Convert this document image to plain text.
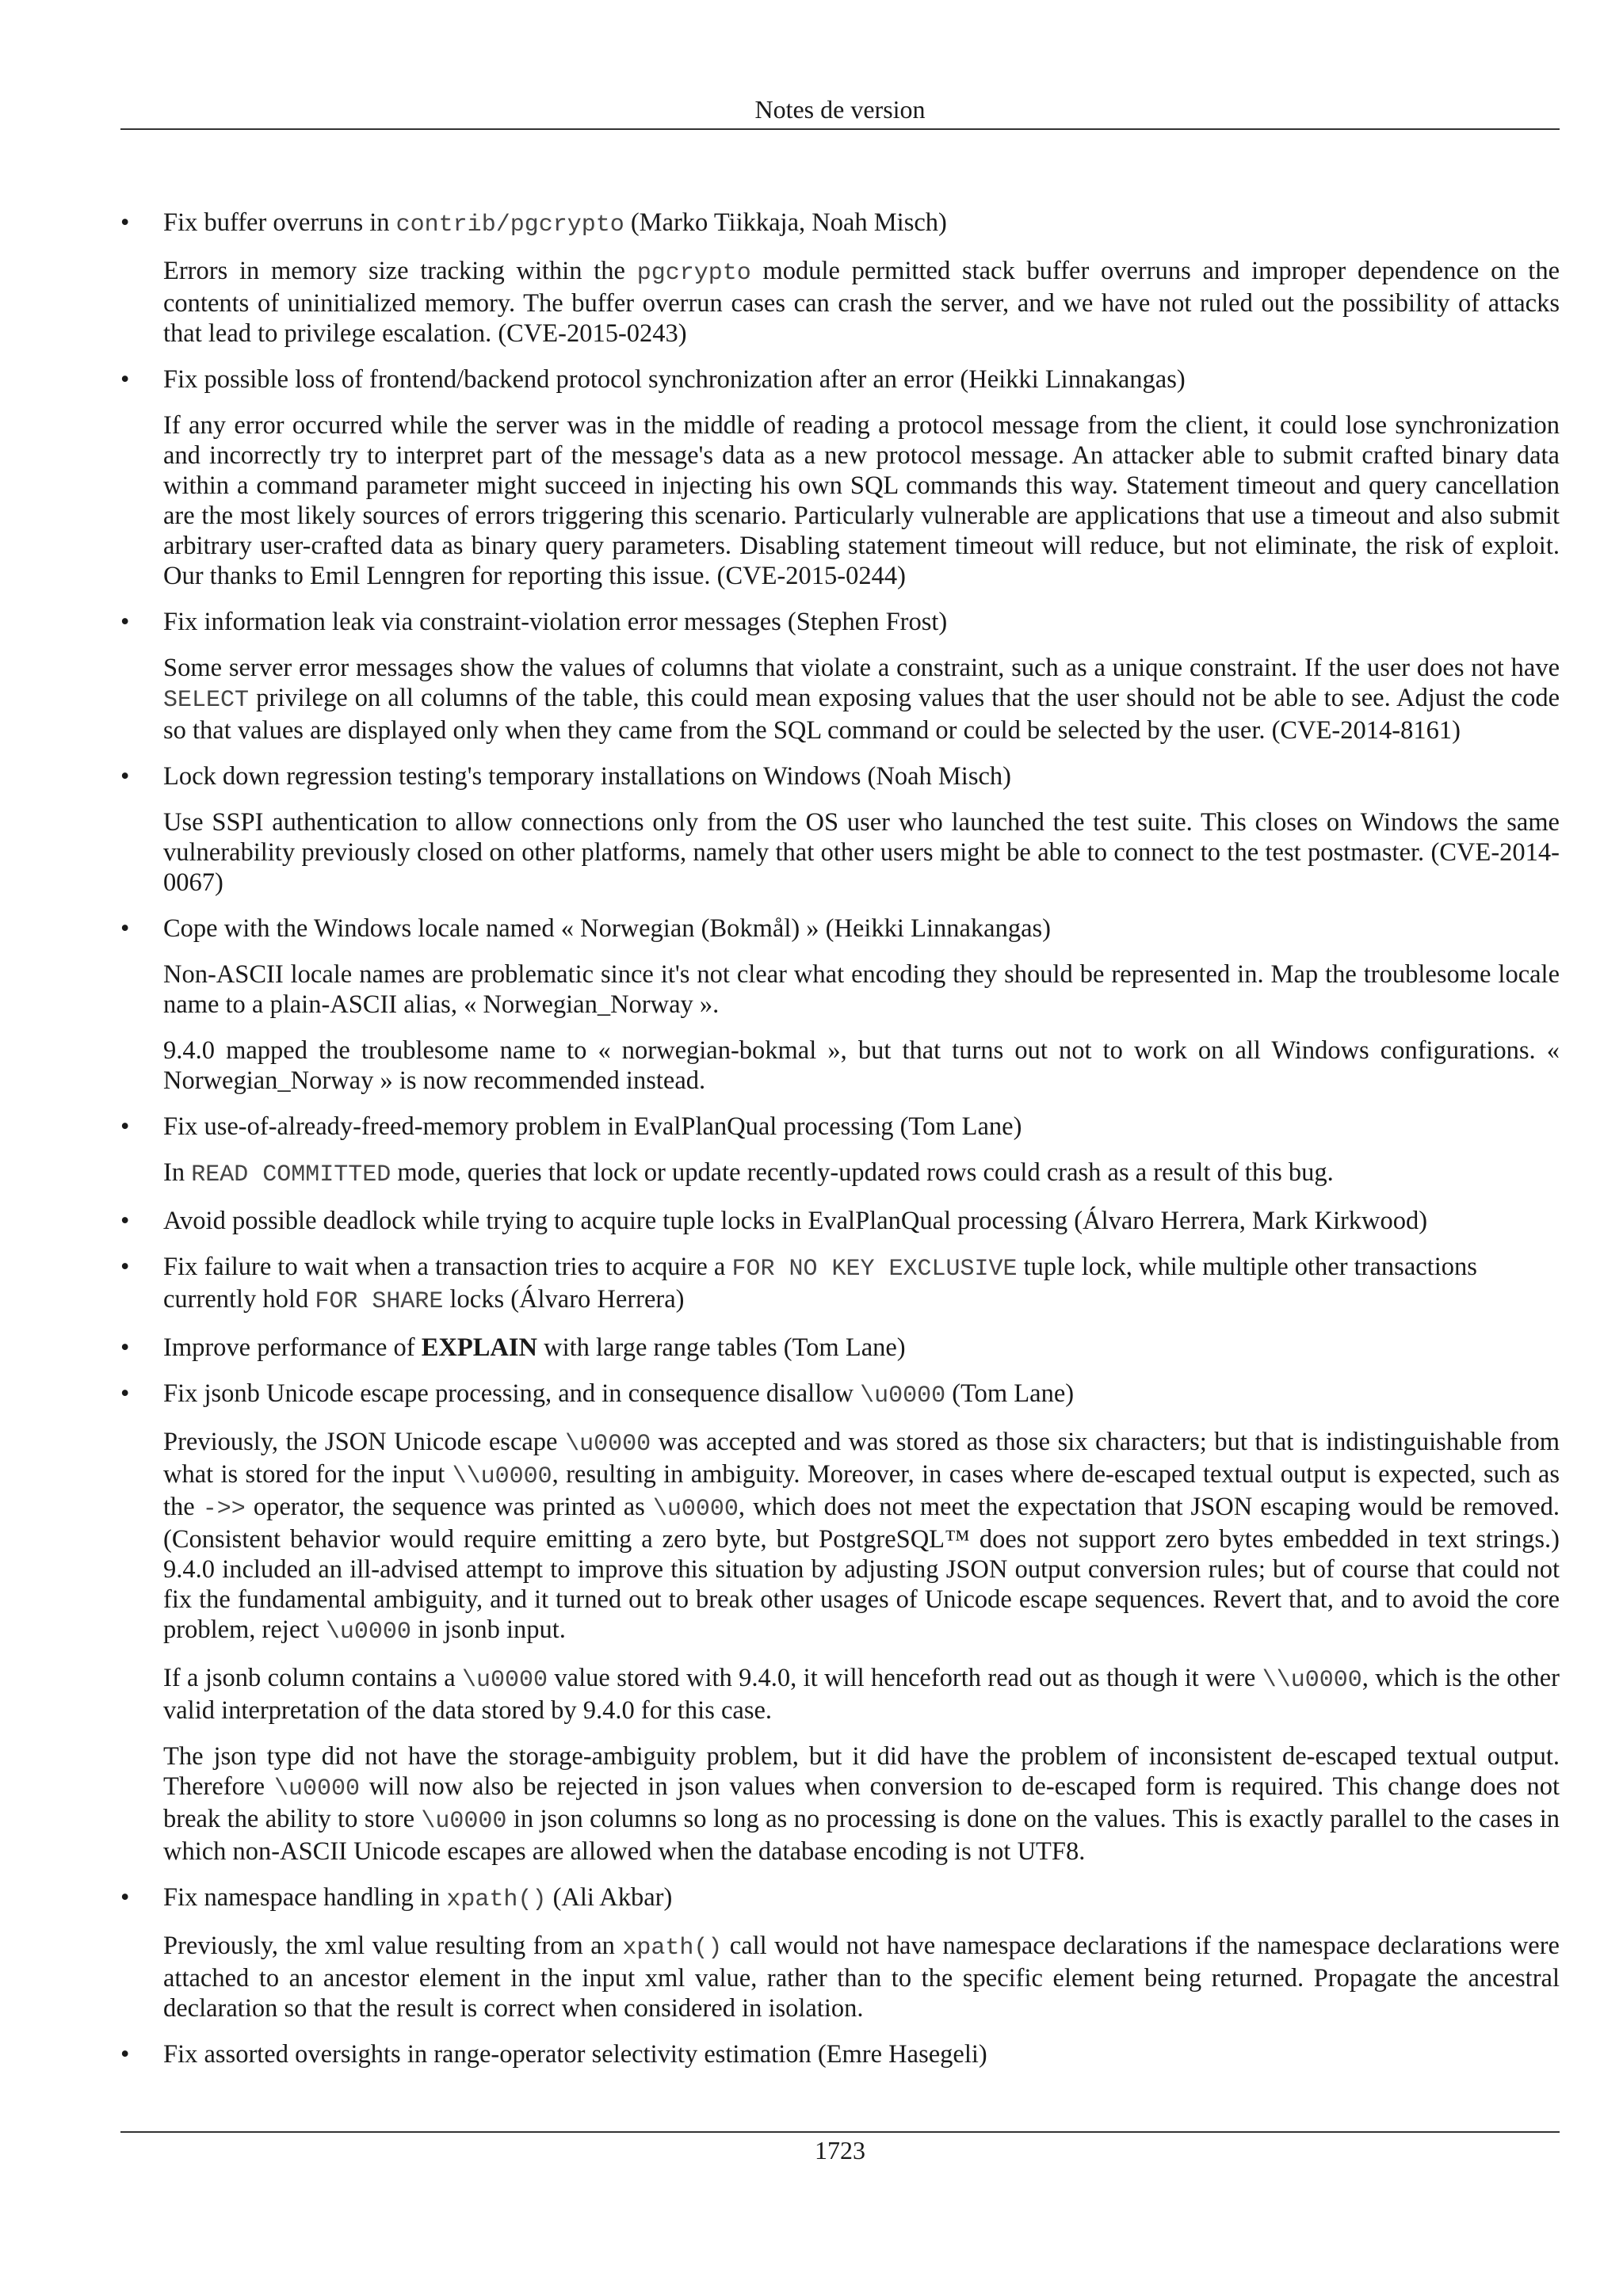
Notes de version
•	Fix buffer overruns in contrib/pgcrypto (Marko Tiikkaja, Noah Misch)

Errors in memory size tracking within the pgcrypto module permitted stack buffer overruns and improper dependence on the contents of uninitialized memory. The buffer overrun cases can crash the server, and we have not ruled out the possibility of attacks that lead to privilege escalation. (CVE-2015-0243)

•	Fix possible loss of frontend/backend protocol synchronization after an error (Heikki Linnakangas)

If any error occurred while the server was in the middle of reading a protocol message from the client, it could lose synchronization and incorrectly try to interpret part of the message's data as a new protocol message. An attacker able to submit crafted binary data within a command parameter might succeed in injecting his own SQL commands this way. Statement timeout and query cancellation are the most likely sources of errors triggering this scenario. Particularly vulnerable are applications that use a timeout and also submit arbitrary user-crafted data as binary query parameters. Disabling statement timeout will reduce, but not eliminate, the risk of exploit. Our thanks to Emil Lenngren for reporting this issue. (CVE-2015-0244)

•	Fix information leak via constraint-violation error messages (Stephen Frost)

Some server error messages show the values of columns that violate a constraint, such as a unique constraint. If the user does not have SELECT privilege on all columns of the table, this could mean exposing values that the user should not be able to see. Adjust the code so that values are displayed only when they came from the SQL command or could be selected by the user. (CVE-2014-8161)

•	Lock down regression testing's temporary installations on Windows (Noah Misch)

Use SSPI authentication to allow connections only from the OS user who launched the test suite. This closes on Windows the same vulnerability previously closed on other platforms, namely that other users might be able to connect to the test postmaster. (CVE-2014-0067)

•	Cope with the Windows locale named « Norwegian (Bokmål) » (Heikki Linnakangas)

Non-ASCII locale names are problematic since it's not clear what encoding they should be represented in. Map the troublesome locale name to a plain-ASCII alias, « Norwegian_Norway ».

9.4.0 mapped the troublesome name to « norwegian-bokmal », but that turns out not to work on all Windows configurations. « Norwegian_Norway » is now recommended instead.

•	Fix use-of-already-freed-memory problem in EvalPlanQual processing (Tom Lane)

In READ COMMITTED mode, queries that lock or update recently-updated rows could crash as a result of this bug.

•	Avoid possible deadlock while trying to acquire tuple locks in EvalPlanQual processing (Álvaro Herrera, Mark Kirkwood)
•	Fix failure to wait when a transaction tries to acquire a FOR NO KEY EXCLUSIVE tuple lock, while multiple other transactions currently hold FOR SHARE locks (Álvaro Herrera)
•	Improve performance of EXPLAIN with large range tables (Tom Lane)
•	Fix jsonb Unicode escape processing, and in consequence disallow \u0000 (Tom Lane)

Previously, the JSON Unicode escape \u0000 was accepted and was stored as those six characters; but that is indistinguishable from what is stored for the input \\u0000, resulting in ambiguity. Moreover, in cases where de-escaped textual output is expected, such as the ->> operator, the sequence was printed as \u0000, which does not meet the expectation that JSON escaping would be removed. (Consistent behavior would require emitting a zero byte, but PostgreSQL™ does not support zero bytes embedded in text strings.) 9.4.0 included an ill-advised attempt to improve this situation by adjusting JSON output conversion rules; but of course that could not fix the fundamental ambiguity, and it turned out to break other usages of Unicode escape sequences. Revert that, and to avoid the core problem, reject \u0000 in jsonb input.

If a jsonb column contains a \u0000 value stored with 9.4.0, it will henceforth read out as though it were \\u0000, which is the other valid interpretation of the data stored by 9.4.0 for this case.

The json type did not have the storage-ambiguity problem, but it did have the problem of inconsistent de-escaped textual output. Therefore \u0000 will now also be rejected in json values when conversion to de-escaped form is required. This change does not break the ability to store \u0000 in json columns so long as no processing is done on the values. This is exactly parallel to the cases in which non-ASCII Unicode escapes are allowed when the database encoding is not UTF8.

•	Fix namespace handling in xpath() (Ali Akbar)

Previously, the xml value resulting from an xpath() call would not have namespace declarations if the namespace declarations were attached to an ancestor element in the input xml value, rather than to the specific element being returned. Propagate the ancestral declaration so that the result is correct when considered in isolation.

•	Fix assorted oversights in range-operator selectivity estimation (Emre Hasegeli)
1723
